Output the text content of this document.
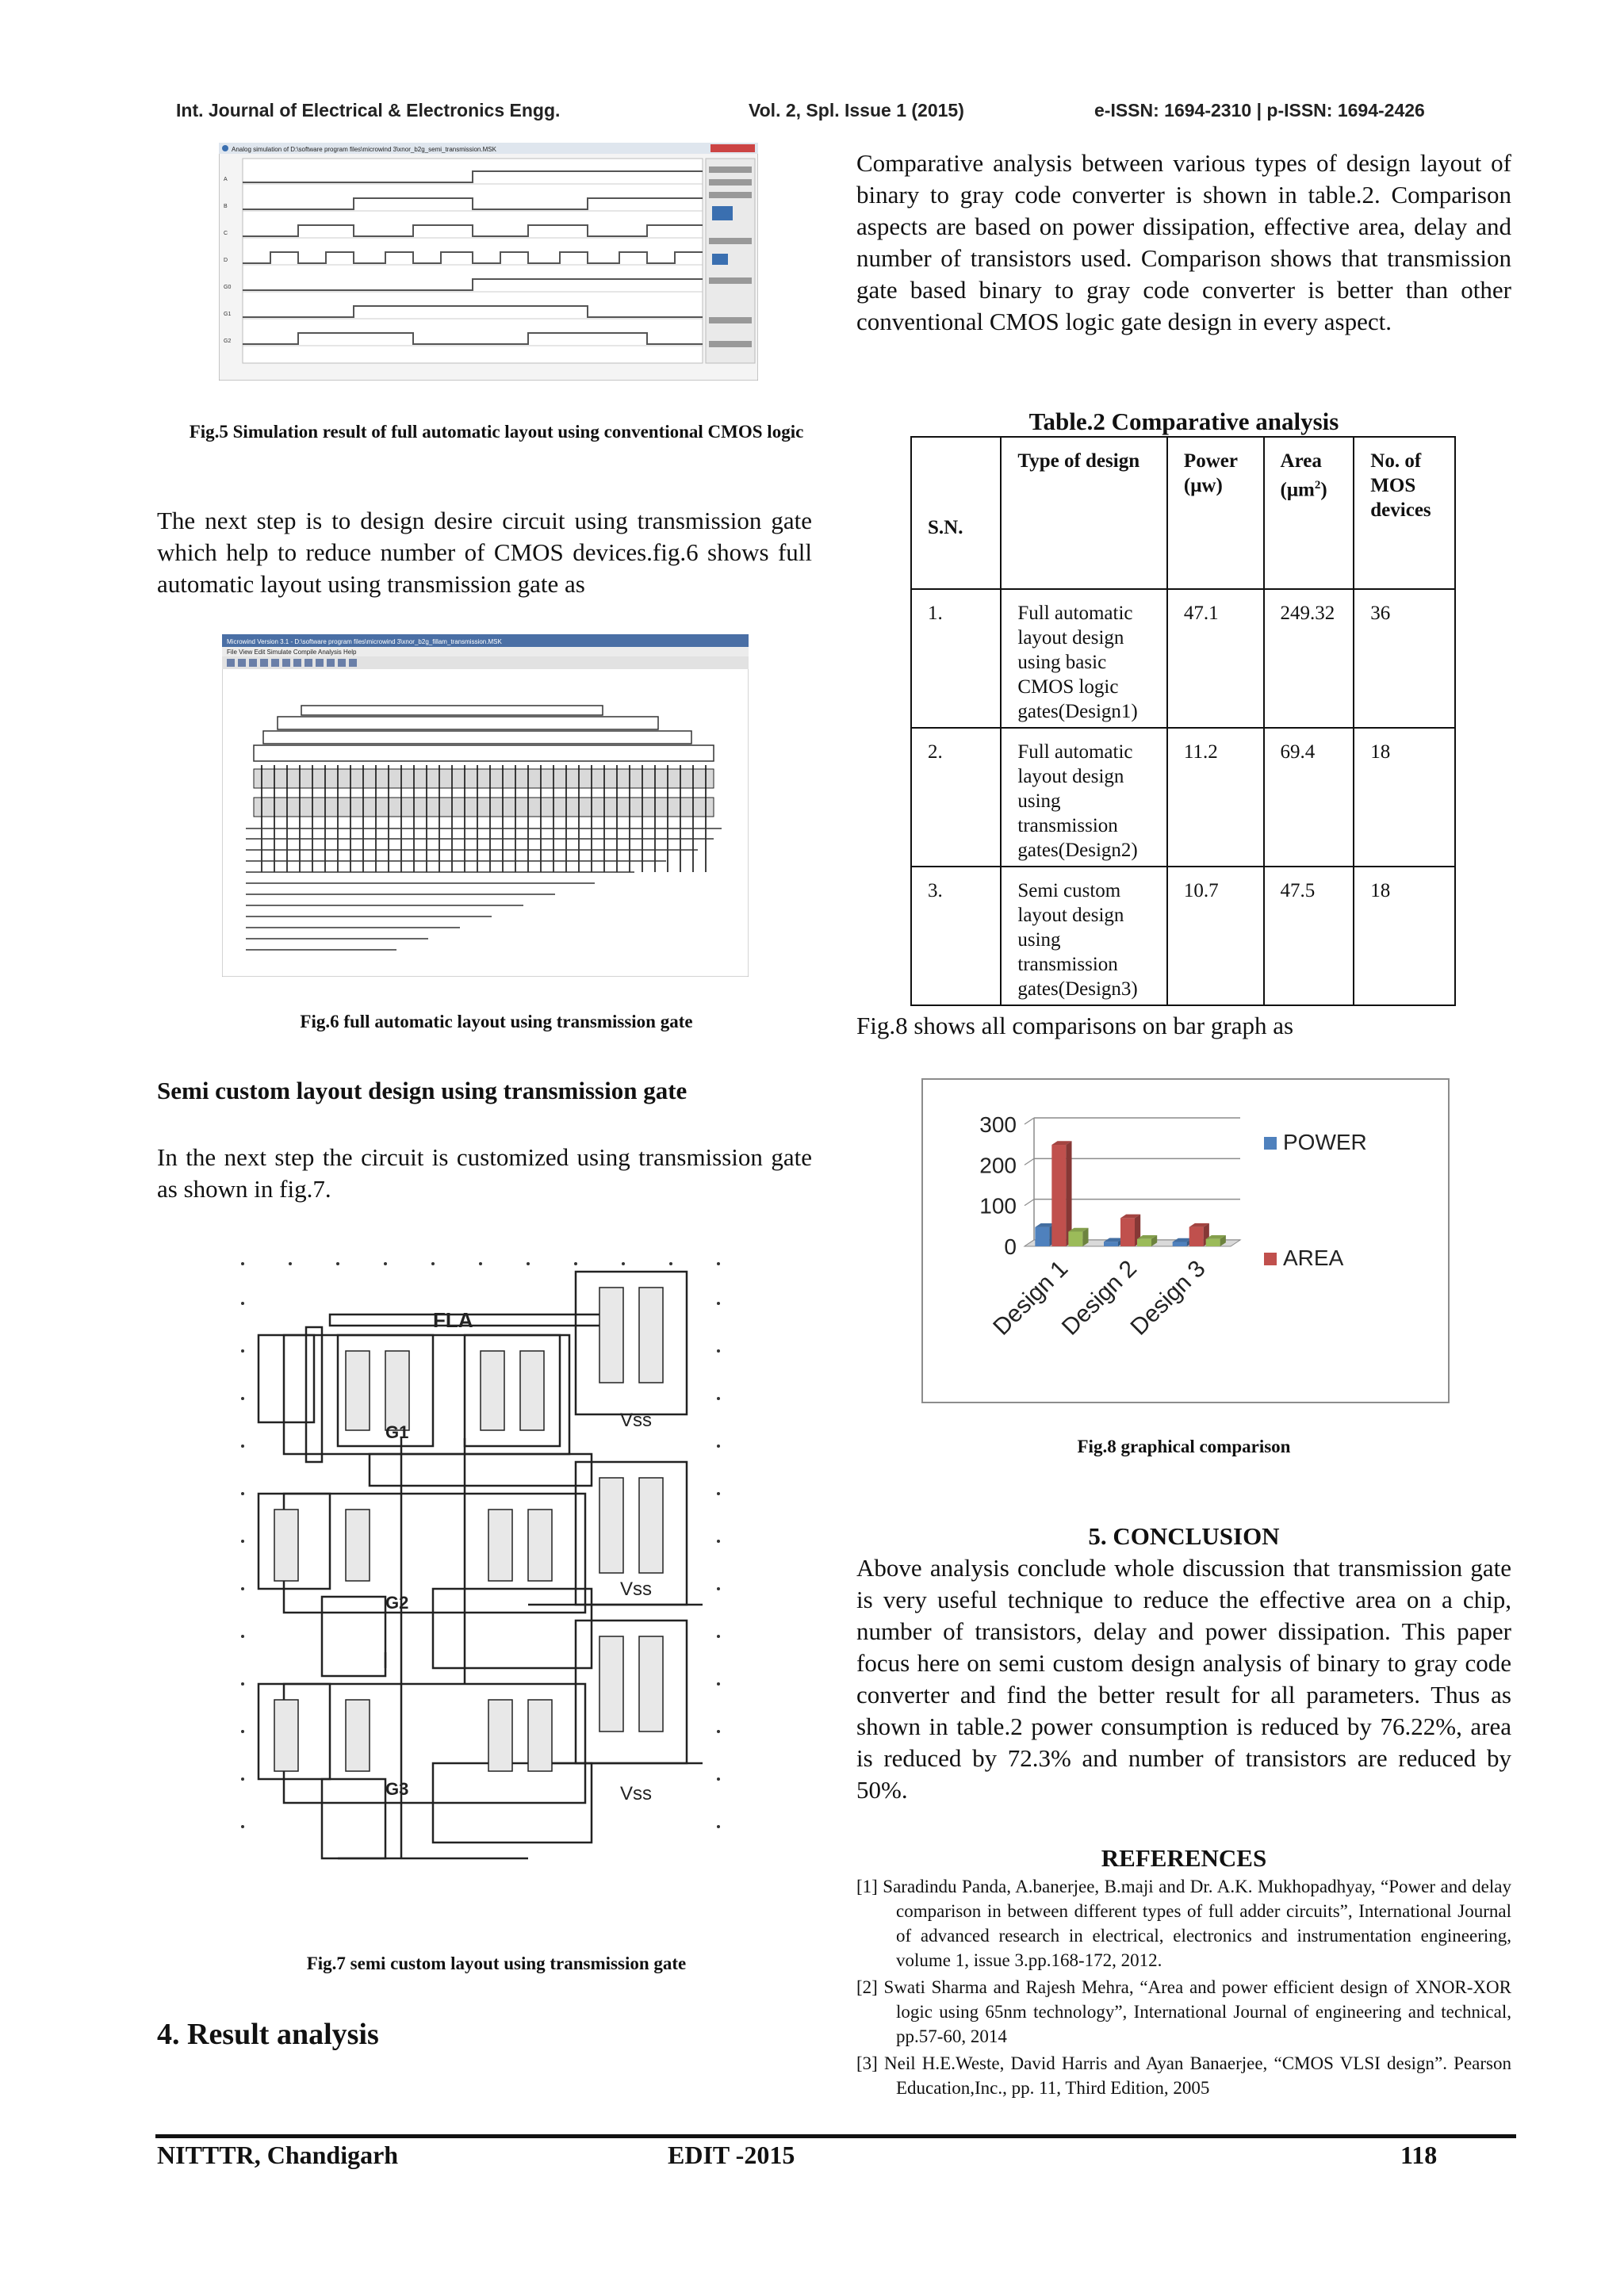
Int. Journal of Electrical & Electronics Engg.	Vol. 2, Spl. Issue 1 (2015)	e-ISSN: 1694-2310 | p-ISSN: 1694-2426
Analog simulation of D:\software program files\microwind 3\xnor_b2g_semi_transmission.MSK
A
B
C
D
G0
G1
G2
Fig.5 Simulation result of full automatic layout using conventional CMOS logic
The next step is to design desire circuit using transmission gate which help to reduce number of CMOS devices.fig.6 shows full automatic layout using transmission gate as
Microwind Version 3.1 - D:\software program files\microwind 3\xnor_b2g_fillam_transmission.MSK
File View Edit Simulate Compile Analysis Help
Fig.6 full automatic layout using transmission gate
Semi custom layout design using transmission gate
In the next step the circuit is customized using transmission gate as shown in fig.7.
FLA
G1
G2
G3
Vss
Vss
Vss
Fig.7 semi custom layout using transmission gate
4. Result analysis
Comparative analysis between various types of design layout of binary to gray code converter is shown in table.2. Comparison aspects are based on power dissipation, effective area, delay and number of transistors used. Comparison shows that transmission gate based binary to gray code converter is better than other conventional CMOS logic gate design in every aspect.
Table.2 Comparative analysis
S.N.	Type of design	Power (μw)	Area $(\mu m^2)$	No. of MOS devices
1.	Full automatic layout design using basic CMOS logic gates(Design1)	47.1	249.32	36
2.	Full automatic layout design using transmission gates(Design2)	11.2	69.4	18
3.	Semi custom layout design using transmission gates(Design3)	10.7	47.5	18
Fig.8 shows all comparisons on bar graph as
0
100
200
300
Design 1
Design 2
Design 3
POWER
AREA
Fig.8 graphical comparison
5. CONCLUSION
Above analysis conclude whole discussion that transmission gate is very useful technique to reduce the effective area on a chip, number of transistors, delay and power dissipation. This paper focus here on semi custom design analysis of binary to gray code converter and find the better result for all parameters. Thus as shown in table.2 power consumption is reduced by 76.22%, area is reduced by 72.3% and number of transistors are reduced by 50%.
REFERENCES
[1] Saradindu Panda, A.banerjee, B.maji and Dr. A.K. Mukhopadhyay, “Power and delay comparison in between different types of full adder circuits”, International Journal of advanced research in electrical, electronics and instrumentation engineering, volume 1, issue 3.pp.168-172, 2012.
[2] Swati Sharma and Rajesh Mehra, “Area and power efficient design of XNOR-XOR logic using 65nm technology”, International Journal of engineering and technical, pp.57-60, 2014
[3] Neil H.E.Weste, David Harris and Ayan Banaerjee, “CMOS VLSI design”. Pearson Education,Inc., pp. 11, Third Edition, 2005
NITTTR, Chandigarh	EDIT -2015	118
